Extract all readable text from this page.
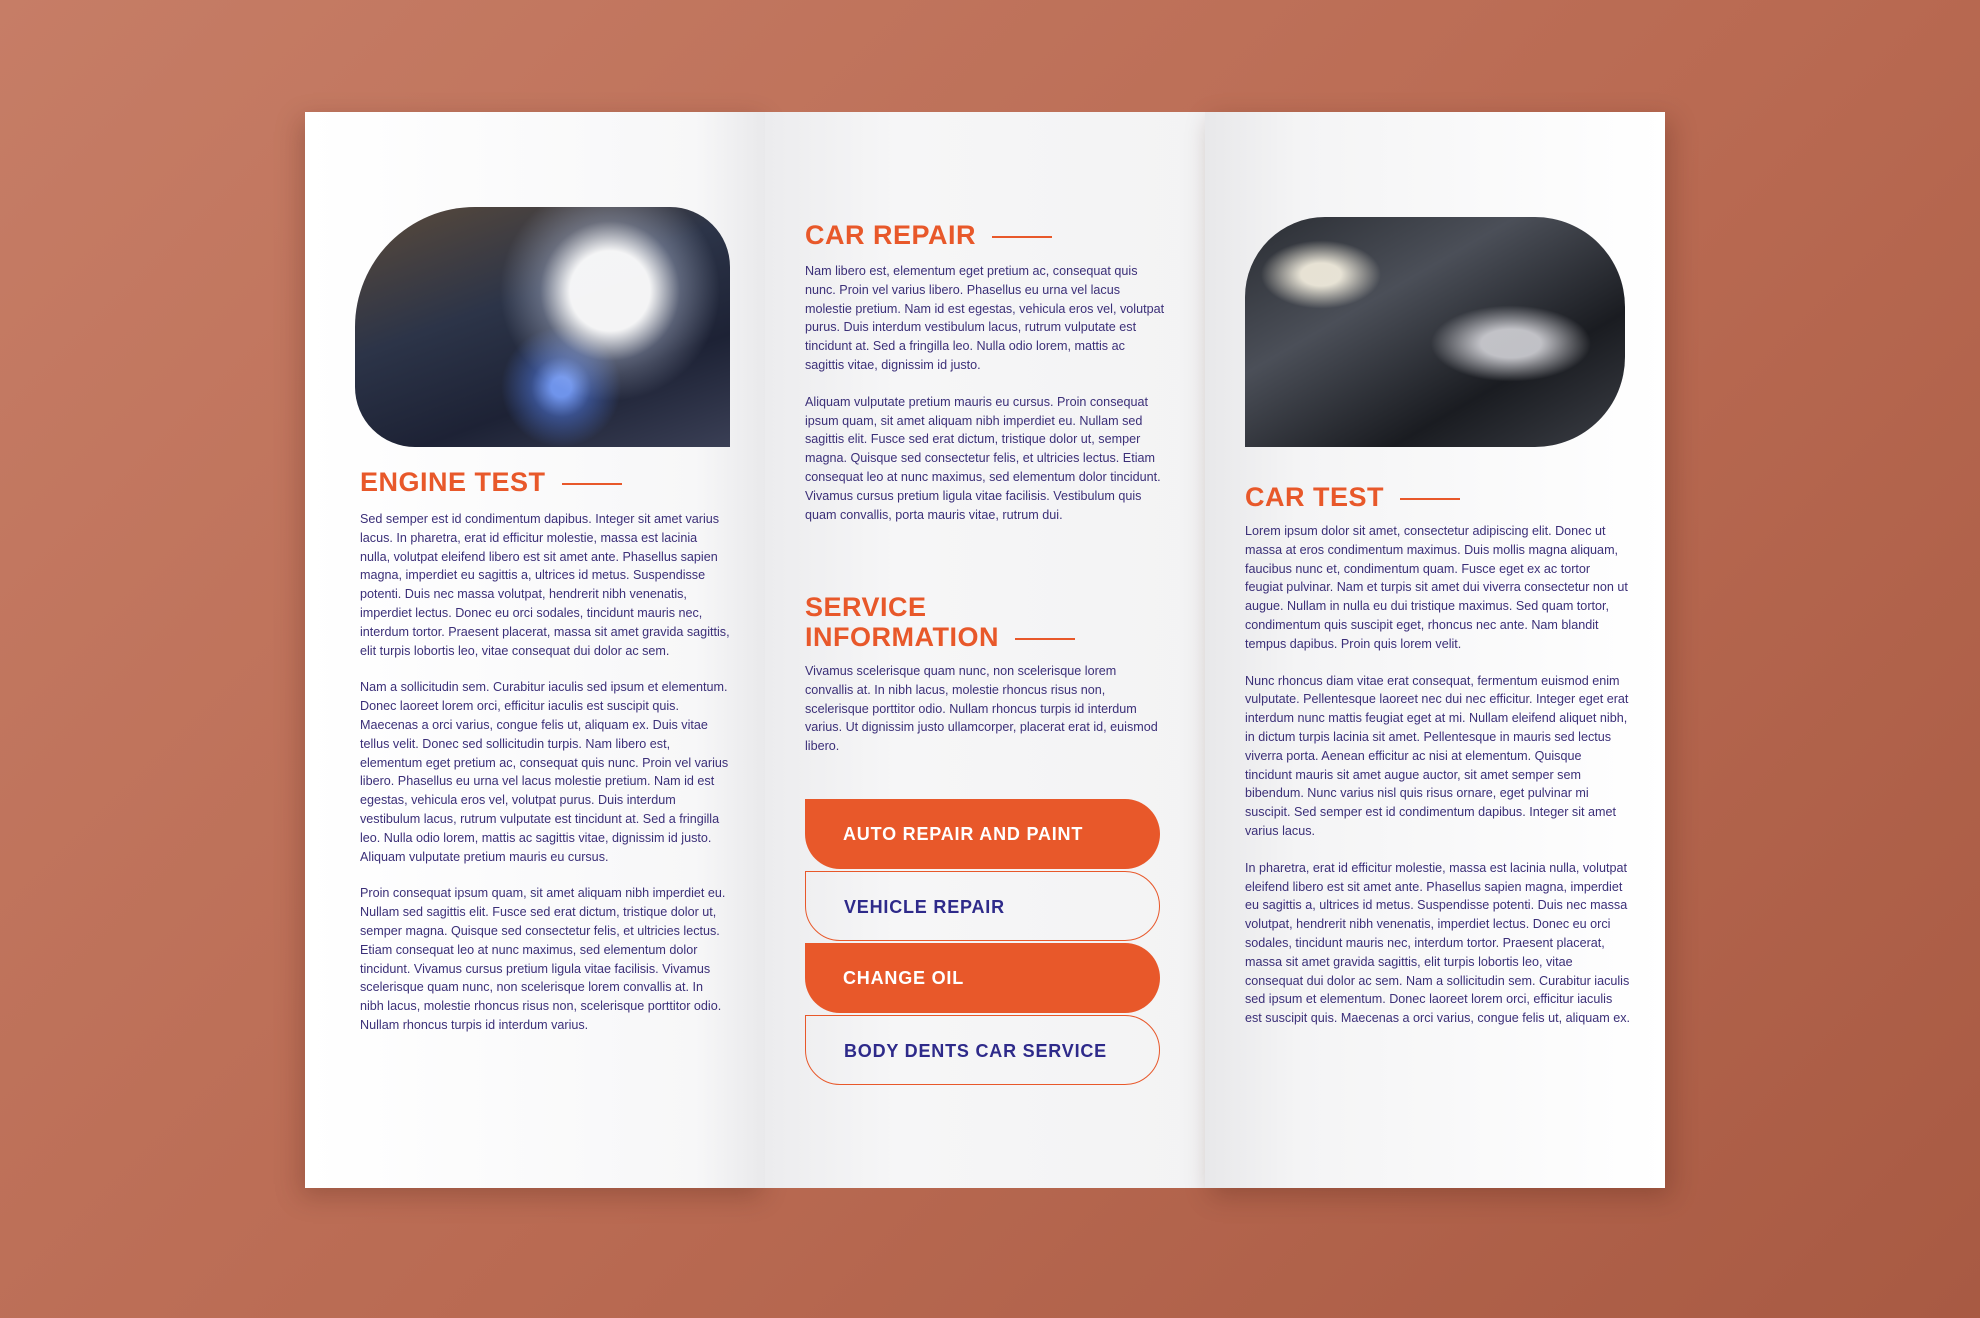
ENGINE TEST

Sed semper est id condimentum dapibus. Integer sit amet varius lacus. In pharetra, erat id efficitur molestie, massa est lacinia nulla, volutpat eleifend libero est sit amet ante. Phasellus sapien magna, imperdiet eu sagittis a, ultrices id metus. Suspendisse potenti. Duis nec massa volutpat, hendrerit nibh venenatis, imperdiet lectus. Donec eu orci sodales, tincidunt mauris nec, interdum tortor. Praesent placerat, massa sit amet gravida sagittis, elit turpis lobortis leo, vitae consequat dui dolor ac sem.

Nam a sollicitudin sem. Curabitur iaculis sed ipsum et elementum. Donec laoreet lorem orci, efficitur iaculis est suscipit quis. Maecenas a orci varius, congue felis ut, aliquam ex. Duis vitae tellus velit. Donec sed sollicitudin turpis. Nam libero est, elementum eget pretium ac, consequat quis nunc. Proin vel varius libero. Phasellus eu urna vel lacus molestie pretium. Nam id est egestas, vehicula eros vel, volutpat purus. Duis interdum vestibulum lacus, rutrum vulputate est tincidunt at. Sed a fringilla leo. Nulla odio lorem, mattis ac sagittis vitae, dignissim id justo. Aliquam vulputate pretium mauris eu cursus.

Proin consequat ipsum quam, sit amet aliquam nibh imperdiet eu. Nullam sed sagittis elit. Fusce sed erat dictum, tristique dolor ut, semper magna. Quisque sed consectetur felis, et ultricies lectus. Etiam consequat leo at nunc maximus, sed elementum dolor tincidunt. Vivamus cursus pretium ligula vitae facilisis. Vivamus scelerisque quam nunc, non scelerisque lorem convallis at. In nibh lacus, molestie rhoncus risus non, scelerisque porttitor odio. Nullam rhoncus turpis id interdum varius.

CAR REPAIR

Nam libero est, elementum eget pretium ac, consequat quis nunc. Proin vel varius libero. Phasellus eu urna vel lacus molestie pretium. Nam id est egestas, vehicula eros vel, volutpat purus. Duis interdum vestibulum lacus, rutrum vulputate est tincidunt at. Sed a fringilla leo. Nulla odio lorem, mattis ac sagittis vitae, dignissim id justo.

Aliquam vulputate pretium mauris eu cursus. Proin consequat ipsum quam, sit amet aliquam nibh imperdiet eu. Nullam sed sagittis elit. Fusce sed erat dictum, tristique dolor ut, semper magna. Quisque sed consectetur felis, et ultricies lectus. Etiam consequat leo at nunc maximus, sed elementum dolor tincidunt. Vivamus cursus pretium ligula vitae facilisis. Vestibulum quis quam convallis, porta mauris vitae, rutrum dui.

SERVICE
INFORMATION

Vivamus scelerisque quam nunc, non scelerisque lorem convallis at. In nibh lacus, molestie rhoncus risus non, scelerisque porttitor odio. Nullam rhoncus turpis id interdum varius. Ut dignissim justo ullamcorper, placerat erat id, euismod libero.

AUTO REPAIR AND PAINT
VEHICLE REPAIR
CHANGE OIL
BODY DENTS CAR SERVICE
CAR TEST

Lorem ipsum dolor sit amet, consectetur adipiscing elit. Donec ut massa at eros condimentum maximus. Duis mollis magna aliquam, faucibus nunc et, condimentum quam. Fusce eget ex ac tortor feugiat pulvinar. Nam et turpis sit amet dui viverra consectetur non ut augue. Nullam in nulla eu dui tristique maximus. Sed quam tortor, condimentum quis suscipit eget, rhoncus nec ante. Nam blandit tempus dapibus. Proin quis lorem velit.

Nunc rhoncus diam vitae erat consequat, fermentum euismod enim vulputate. Pellentesque laoreet nec dui nec efficitur. Integer eget erat interdum nunc mattis feugiat eget at mi. Nullam eleifend aliquet nibh, in dictum turpis lacinia sit amet. Pellentesque in mauris sed lectus viverra porta. Aenean efficitur ac nisi at elementum. Quisque tincidunt mauris sit amet augue auctor, sit amet semper sem bibendum. Nunc varius nisl quis risus ornare, eget pulvinar mi suscipit. Sed semper est id condimentum dapibus. Integer sit amet varius lacus.

In pharetra, erat id efficitur molestie, massa est lacinia nulla, volutpat eleifend libero est sit amet ante. Phasellus sapien magna, imperdiet eu sagittis a, ultrices id metus. Suspendisse potenti. Duis nec massa volutpat, hendrerit nibh venenatis, imperdiet lectus. Donec eu orci sodales, tincidunt mauris nec, interdum tortor. Praesent placerat, massa sit amet gravida sagittis, elit turpis lobortis leo, vitae consequat dui dolor ac sem. Nam a sollicitudin sem. Curabitur iaculis sed ipsum et elementum. Donec laoreet lorem orci, efficitur iaculis est suscipit quis. Maecenas a orci varius, congue felis ut, aliquam ex.
